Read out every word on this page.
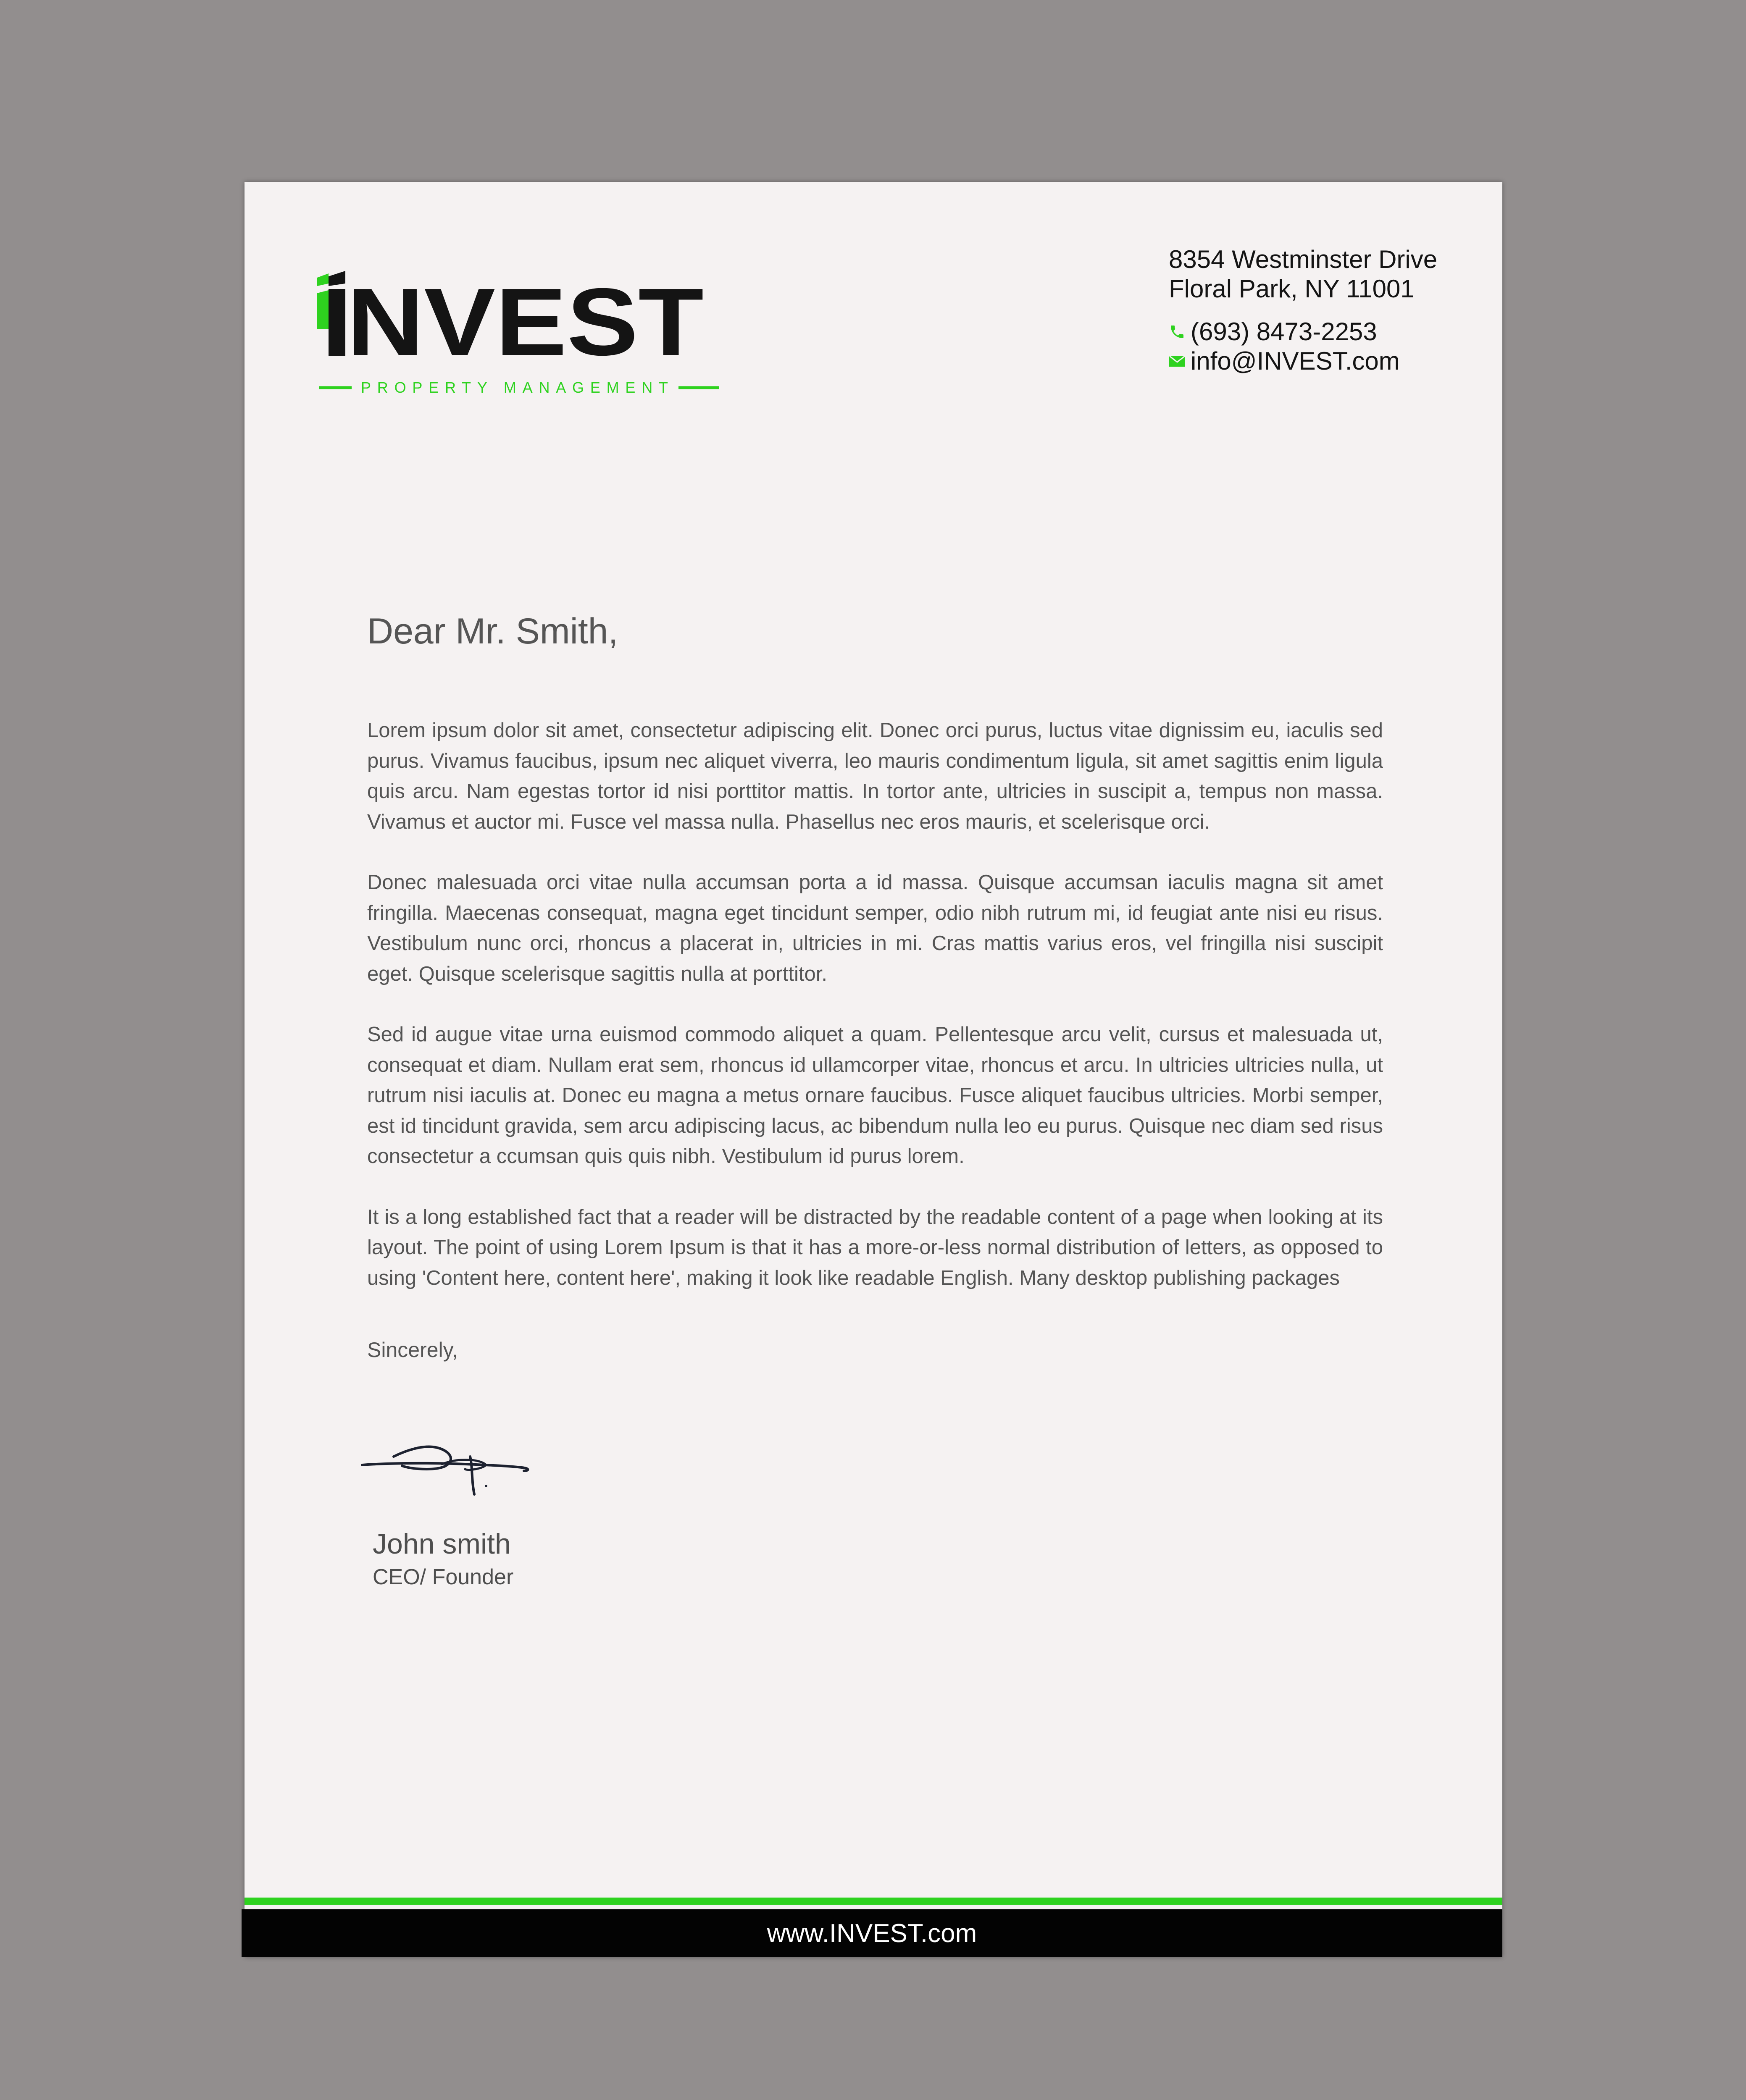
NVEST
PROPERTY MANAGEMENT
8354 Westminster Drive
Floral Park, NY 11001
(693) 8473-2253
info@INVEST.com
Dear Mr. Smith,

Lorem ipsum dolor sit amet, consectetur adipiscing elit. Donec orci purus, luctus vitae dignissim eu, iaculis sed purus. Vivamus faucibus, ipsum nec aliquet viverra, leo mauris condimentum ligula, sit amet sagittis enim ligula quis arcu. Nam egestas tortor id nisi porttitor mattis. In tortor ante, ultricies in suscipit a, tempus non massa. Vivamus et auctor mi. Fusce vel massa nulla. Phasellus nec eros mauris, et scelerisque orci.

Donec malesuada orci vitae nulla accumsan porta a id massa. Quisque accumsan iaculis magna sit amet fringilla. Maecenas consequat, magna eget tincidunt semper, odio nibh rutrum mi, id feugiat ante nisi eu risus. Vestibulum nunc orci, rhoncus a placerat in, ultricies in mi. Cras mattis varius eros, vel fringilla nisi suscipit eget. Quisque scelerisque sagittis nulla at porttitor.

Sed id augue vitae urna euismod commodo aliquet a quam. Pellentesque arcu velit, cursus et malesuada ut, consequat et diam. Nullam erat sem, rhoncus id ullamcorper vitae, rhoncus et arcu. In ultricies ultricies nulla, ut rutrum nisi iaculis at. Donec eu magna a metus ornare faucibus. Fusce aliquet faucibus ultricies. Morbi semper, est id tincidunt gravida, sem arcu adipiscing lacus, ac bibendum nulla leo eu purus. Quisque nec diam sed risus consectetur a ccumsan quis quis nibh. Vestibulum id purus lorem.

It is a long established fact that a reader will be distracted by the readable content of a page when looking at its layout. The point of using Lorem Ipsum is that it has a more-or-less normal distribution of letters, as opposed to using 'Content here, content here', making it look like readable English. Many desktop publishing packages

Sincerely,
John smith
CEO/ Founder
www.INVEST.com
